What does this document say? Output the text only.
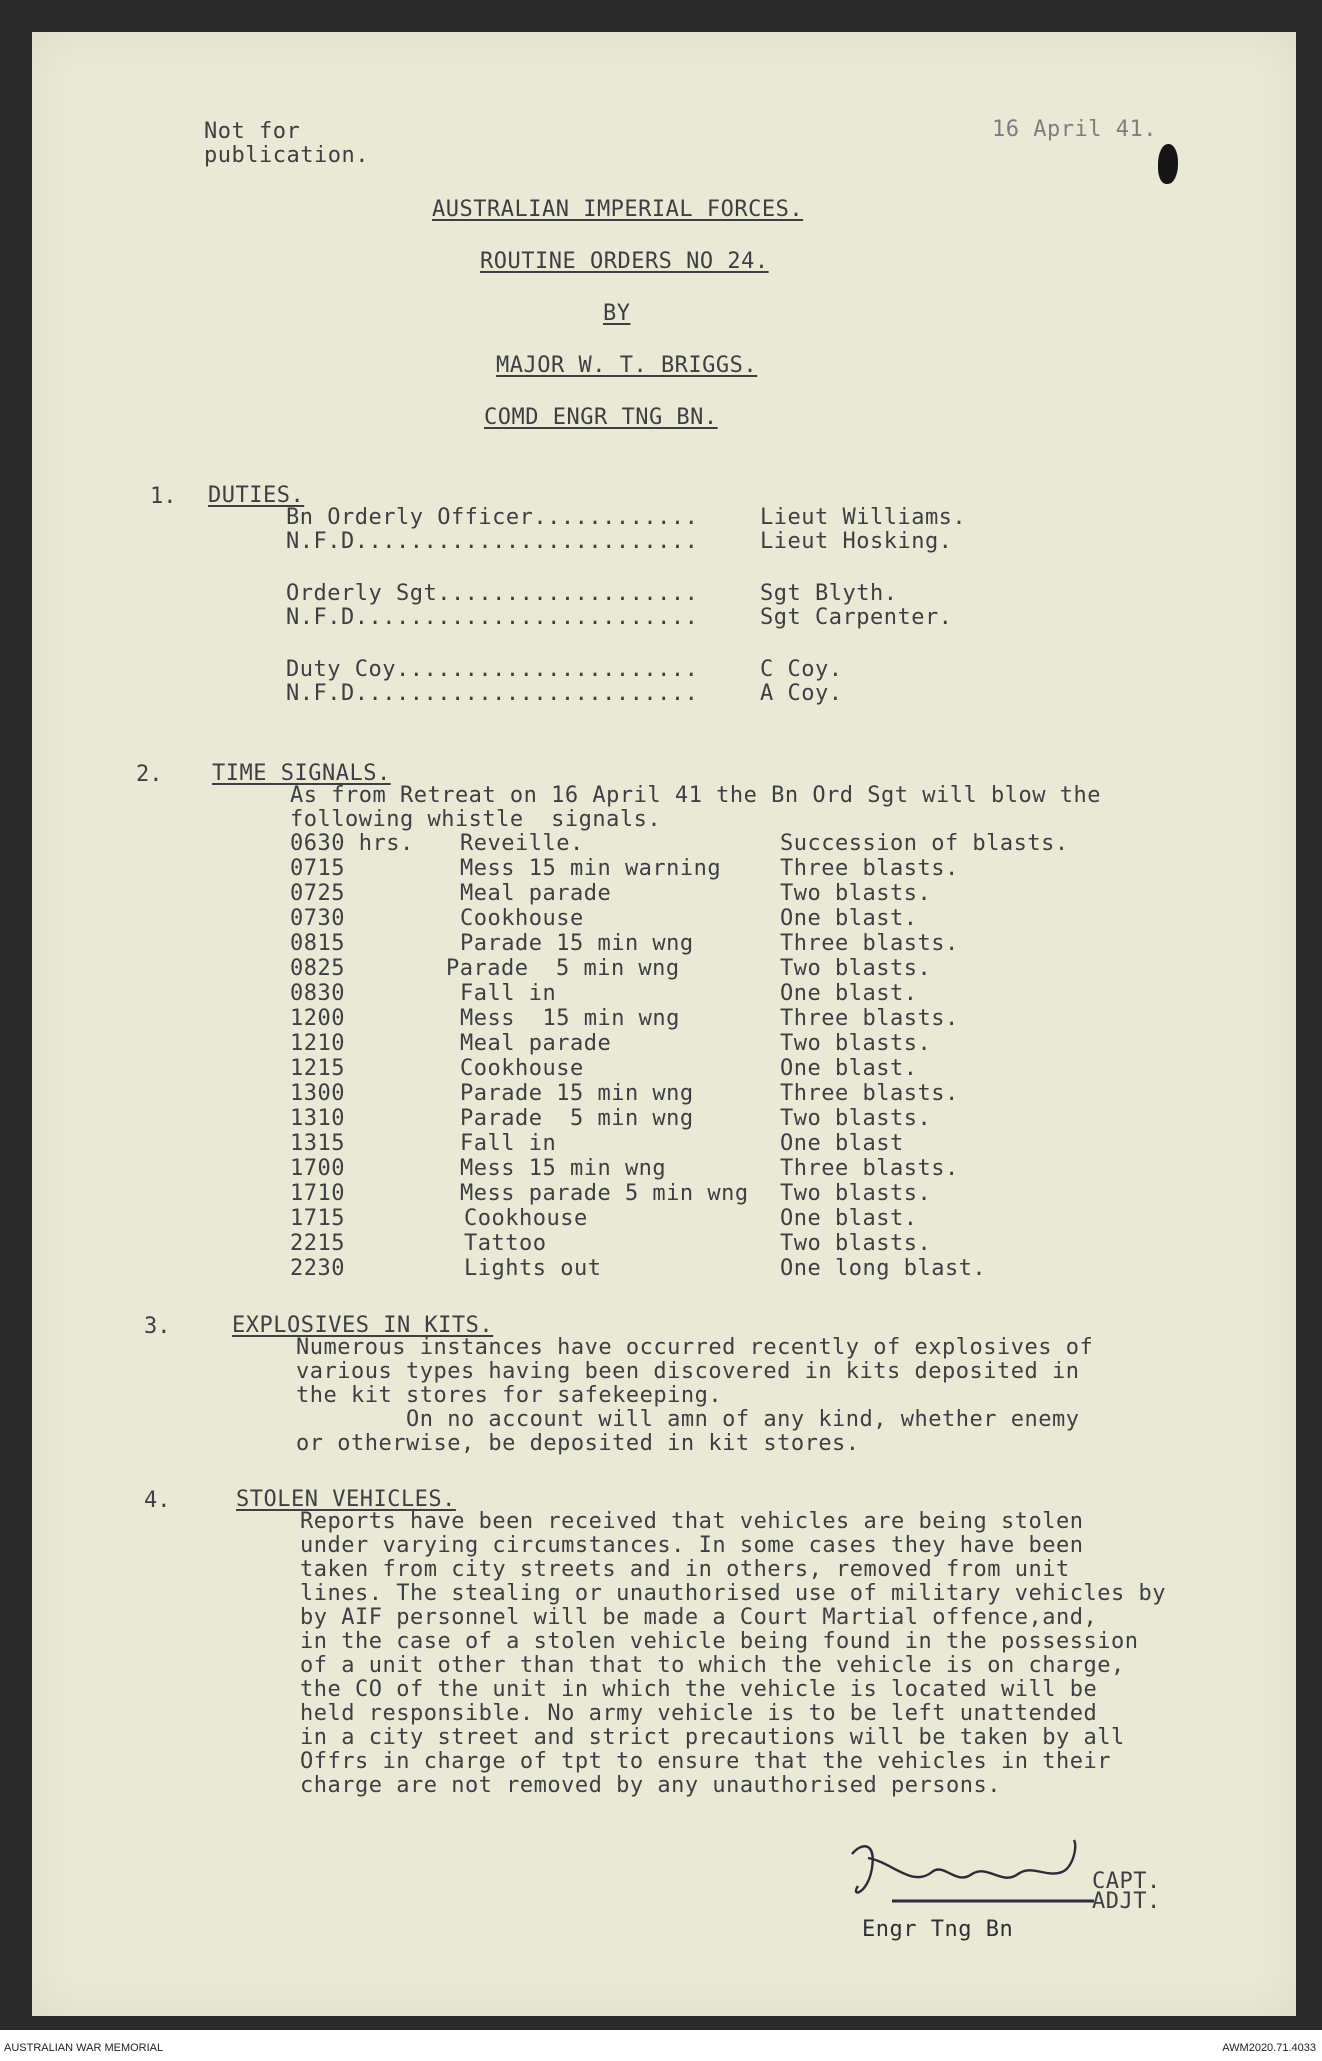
Not for
publication.
16 April 41.
AUSTRALIAN IMPERIAL FORCES.
ROUTINE ORDERS NO 24.
BY
MAJOR W. T. BRIGGS.
COMD ENGR TNG BN.
1. DUTIES.
Bn Orderly Officer............	Lieut Williams.
N.F.D.........................	Lieut Hosking.
Orderly Sgt...................	Sgt Blyth.
N.F.D.........................	Sgt Carpenter.
Duty Coy......................	C Coy.
N.F.D.........................	A Coy.
2. TIME SIGNALS.
As from Retreat on 16 April 41 the Bn Ord Sgt will blow the
following whistle  signals.
0630 hrs. Reveille.	Succession of blasts.
0715	Mess 15 min warning	Three blasts.
0725	Meal parade	Two blasts.
0730	Cookhouse	One blast.
0815	Parade 15 min wng	Three blasts.
0825	Parade  5 min wng	Two blasts.
0830	Fall in	One blast.
1200	Mess  15 min wng	Three blasts.
1210	Meal parade	Two blasts.
1215	Cookhouse	One blast.
1300	Parade 15 min wng	Three blasts.
1310	Parade  5 min wng	Two blasts.
1315	Fall in	One blast
1700	Mess 15 min wng	Three blasts.
1710	Mess parade 5 min wng Two blasts.
1715	Cookhouse	One blast.
2215	Tattoo	Two blasts.
2230	Lights out	One long blast.
3.	EXPLOSIVES IN KITS.
Numerous instances have occurred recently of explosives of
various types having been discovered in kits deposited in
the kit stores for safekeeping.
On no account will amn of any kind, whether enemy
or otherwise, be deposited in kit stores.
4.	STOLEN VEHICLES.
Reports have been received that vehicles are being stolen
under varying circumstances. In some cases they have been
taken from city streets and in others, removed from unit
lines. The stealing or unauthorised use of military vehicles by
by AIF personnel will be made a Court Martial offence,and,
in the case of a stolen vehicle being found in the possession
of a unit other than that to which the vehicle is on charge,
the CO of the unit in which the vehicle is located will be
held responsible. No army vehicle is to be left unattended
in a city street and strict precautions will be taken by all
Offrs in charge of tpt to ensure that the vehicles in their
charge are not removed by any unauthorised persons.
CAPT.
ADJT.
Engr Tng Bn
AUSTRALIAN WAR MEMORIAL	AWM2020.71.4033
